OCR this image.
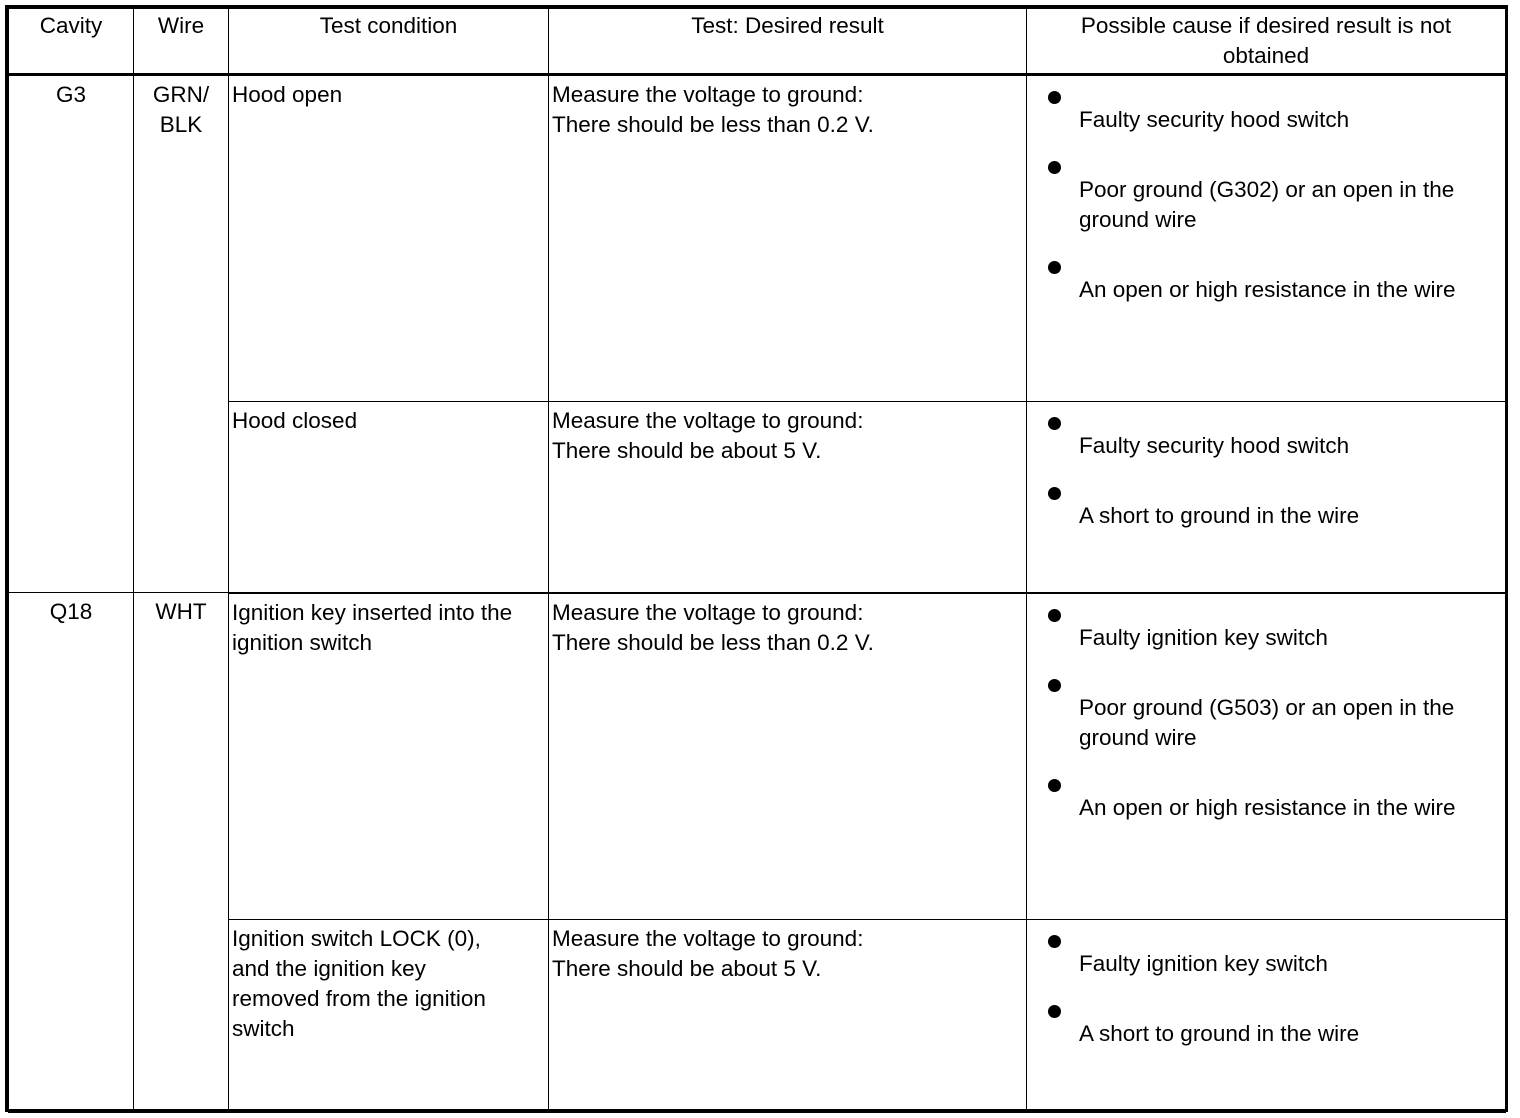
Cavity	Wire	Test condition	Test: Desired result	Possible cause if desired result is not obtained
G3	GRN/ BLK	Hood open	Measure the voltage to ground: There should be less than 0.2 V.	Faulty security hood switch
Poor ground (G302) or an open in the ground wire
An open or high resistance in the wire

		Hood closed	Measure the voltage to ground: There should be about 5 V.	Faulty security hood switch
A short to ground in the wire

Q18	WHT	Ignition key inserted into the ignition switch	Measure the voltage to ground: There should be less than 0.2 V.	Faulty ignition key switch
Poor ground (G503) or an open in the ground wire
An open or high resistance in the wire

		Ignition switch LOCK (0), and the ignition key removed from the ignition switch	Measure the voltage to ground: There should be about 5 V.	Faulty ignition key switch
A short to ground in the wire
